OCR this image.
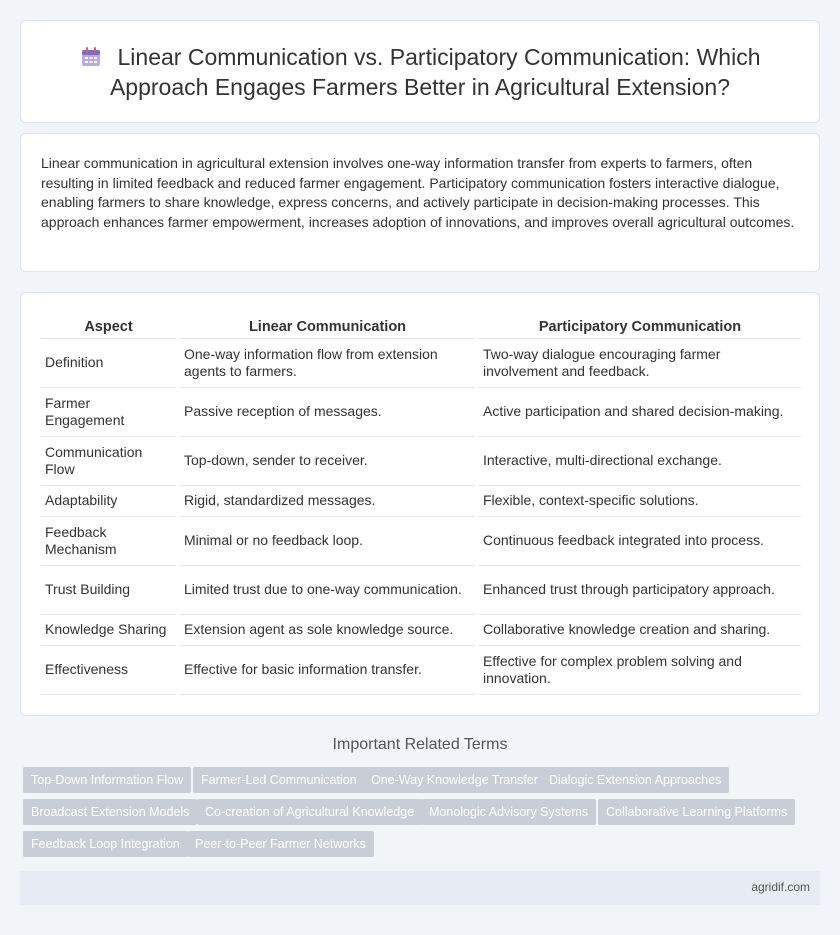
Linear Communication vs. Participatory Communication: Which Approach Engages Farmers Better in Agricultural Extension?

Linear communication in agricultural extension involves one-way information transfer from experts to farmers, often resulting in limited feedback and reduced farmer engagement. Participatory communication fosters interactive dialogue, enabling farmers to share knowledge, express concerns, and actively participate in decision-making processes. This approach enhances farmer empowerment, increases adoption of innovations, and improves overall agricultural outcomes.

Aspect	Linear Communication	Participatory Communication
Definition	One-way information flow from extension agents to farmers.	Two-way dialogue encouraging farmer involvement and feedback.
Farmer Engagement	Passive reception of messages.	Active participation and shared decision-making.
Communication Flow	Top-down, sender to receiver.	Interactive, multi-directional exchange.
Adaptability	Rigid, standardized messages.	Flexible, context-specific solutions.
Feedback Mechanism	Minimal or no feedback loop.	Continuous feedback integrated into process.
Trust Building	Limited trust due to one-way communication.	Enhanced trust through participatory approach.
Knowledge Sharing	Extension agent as sole knowledge source.	Collaborative knowledge creation and sharing.
Effectiveness	Effective for basic information transfer.	Effective for complex problem solving and innovation.
Important Related Terms
Top-Down Information Flow	Farmer-Led Communication	One-Way Knowledge Transfer Dialogic Extension Approaches
Broadcast Extension Models	Co-creation of Agricultural Knowledge	Monologic Advisory Systems	Collaborative Learning Platforms
Feedback Loop Integration	Peer-to-Peer Farmer Networks
agridif.com
